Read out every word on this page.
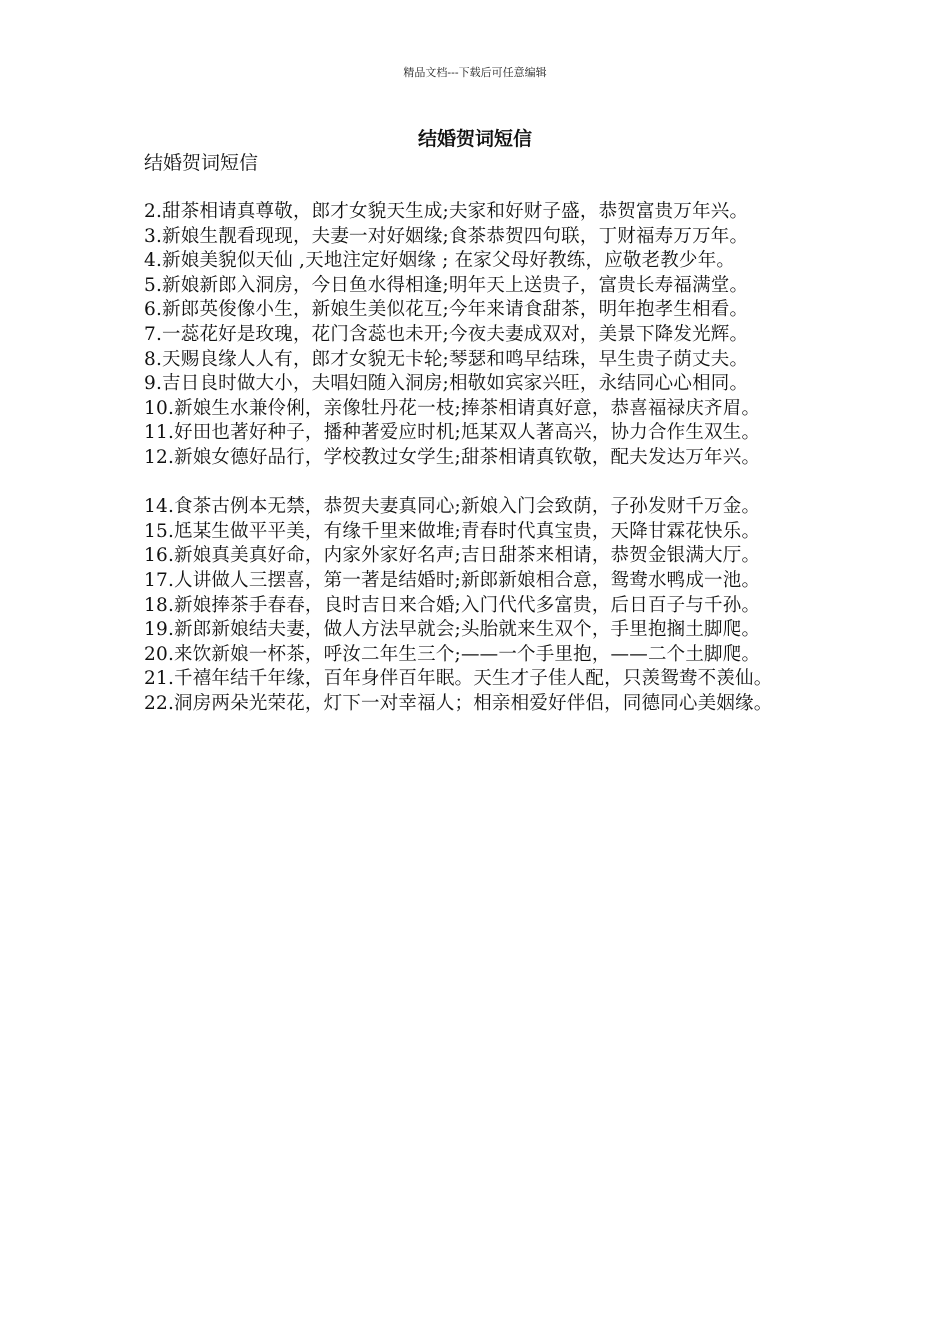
精品文档---下载后可任意编辑
结婚贺词短信
结婚贺词短信

2.甜茶相请真尊敬，郎才女貌天生成;夫家和好财子盛，恭贺富贵万年兴。

3.新娘生靓看现现，夫妻一对好姻缘;食茶恭贺四句联，丁财福寿万万年。

4.新娘美貌似天仙 ,天地注定好姻缘 ; 在家父母好教练，应敬老教少年。

5.新娘新郎入洞房，今日鱼水得相逢;明年天上送贵子，富贵长寿福满堂。

6.新郎英俊像小生，新娘生美似花互;今年来请食甜茶，明年抱孝生相看。

7.一蕊花好是玫瑰，花门含蕊也未开;今夜夫妻成双对，美景下降发光辉。

8.天赐良缘人人有，郎才女貌无卡轮;琴瑟和鸣早结珠，早生贵子荫丈夫。

9.吉日良时做大小，夫唱妇随入洞房;相敬如宾家兴旺，永结同心心相同。

10.新娘生水兼伶俐，亲像牡丹花一枝;捧茶相请真好意，恭喜福禄庆齐眉。

11.好田也著好种子，播种著爱应时机;尪某双人著高兴，协力合作生双生。

12.新娘女德好品行，学校教过女学生;甜茶相请真钦敬，配夫发达万年兴。

14.食茶古例本无禁，恭贺夫妻真同心;新娘入门会致荫，子孙发财千万金。

15.尪某生做平平美，有缘千里来做堆;青春时代真宝贵，天降甘霖花快乐。

16.新娘真美真好命，内家外家好名声;吉日甜茶来相请，恭贺金银满大厅。

17.人讲做人三摆喜，第一著是结婚时;新郎新娘相合意，鸳鸯水鸭成一池。

18.新娘捧茶手春春，良时吉日来合婚;入门代代多富贵，后日百子与千孙。

19.新郎新娘结夫妻，做人方法早就会;头胎就来生双个，手里抱搁土脚爬。

20.来饮新娘一杯茶，呼汝二年生三个;——一个手里抱，——二个土脚爬。

21.千禧年结千年缘，百年身伴百年眠。天生才子佳人配，只羡鸳鸯不羡仙。

22.洞房两朵光荣花，灯下一对幸福人；相亲相爱好伴侣，同德同心美姻缘。
